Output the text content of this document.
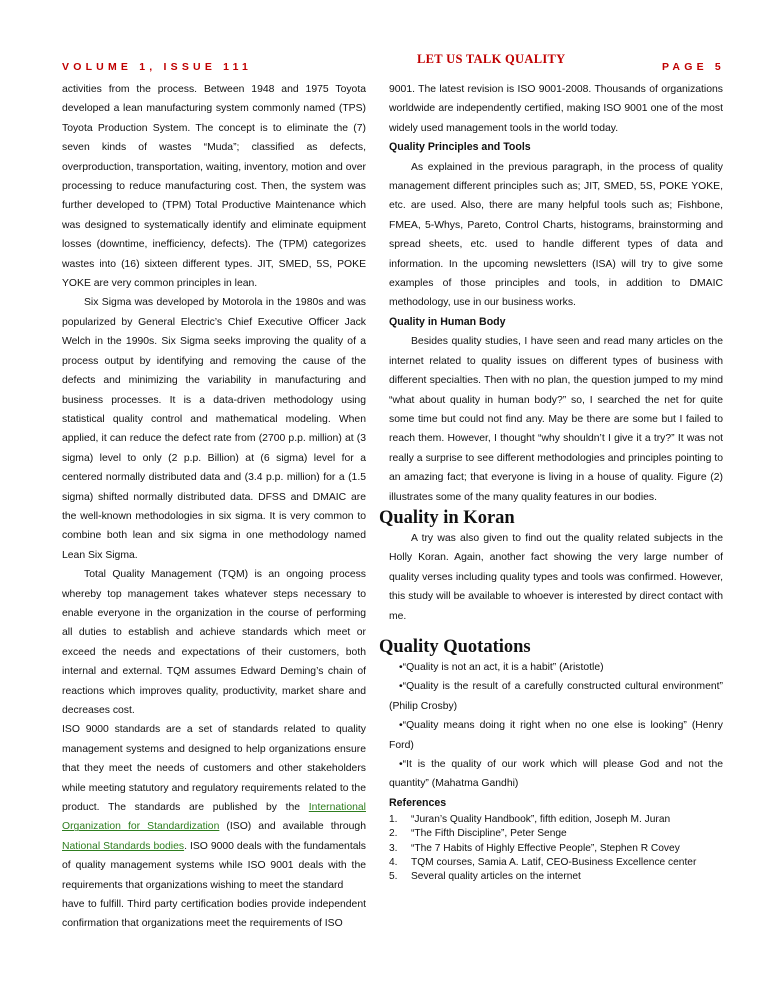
VOLUME 1, ISSUE 111
LET US TALK QUALITY
PAGE 5

activities from the process. Between 1948 and 1975 Toyota developed a lean manufacturing system commonly named (TPS) Toyota Production System. The concept is to eliminate the (7) seven kinds of wastes “Muda”; classified as defects, overproduction, transportation, waiting, inventory, motion and over processing to reduce manufacturing cost. Then, the system was further developed to (TPM) Total Productive Maintenance which was designed to systematically identify and eliminate equipment losses (downtime, inefficiency, defects). The (TPM) categorizes wastes into (16) sixteen different types. JIT, SMED, 5S, POKE YOKE are very common principles in lean.

Six Sigma was developed by Motorola in the 1980s and was popularized by General Electric’s Chief Executive Officer Jack Welch in the 1990s. Six Sigma seeks improving the quality of a process output by identifying and removing the cause of the defects and minimizing the variability in manufacturing and business processes. It is a data-driven methodology using statistical quality control and mathematical modeling. When applied, it can reduce the defect rate from (2700 p.p. million) at (3 sigma) level to only (2 p.p. Billion) at (6 sigma) level for a centered normally distributed data and (3.4 p.p. million) for a (1.5 sigma) shifted normally distributed data. DFSS and DMAIC are the well-known methodologies in six sigma. It is very common to combine both lean and six sigma in one methodology named Lean Six Sigma.

Total Quality Management (TQM) is an ongoing process whereby top management takes whatever steps necessary to enable everyone in the organization in the course of performing all duties to establish and achieve standards which meet or exceed the needs and expectations of their customers, both internal and external. TQM assumes Edward Deming’s chain of reactions which improves quality, productivity, market share and decreases cost.

ISO 9000 standards are a set of standards related to quality management systems and designed to help organizations ensure that they meet the needs of customers and other stakeholders while meeting statutory and regulatory requirements related to the product. The standards are published by the International Organization for Standardization (ISO) and available through National Standards bodies. ISO 9000 deals with the fundamentals of quality management systems while ISO 9001 deals with the requirements that organizations wishing to meet the standard

have to fulfill. Third party certification bodies provide independent confirmation that organizations meet the requirements of ISO

9001. The latest revision is ISO 9001-2008. Thousands of organizations worldwide are independently certified, making ISO 9001 one of the most widely used management tools in the world today.

Quality Principles and Tools

As explained in the previous paragraph, in the process of quality management different principles such as; JIT, SMED, 5S, POKE YOKE, etc. are used. Also, there are many helpful tools such as; Fishbone, FMEA, 5-Whys, Pareto, Control Charts, histograms, brainstorming and spread sheets, etc. used to handle different types of data and information. In the upcoming newsletters (ISA) will try to give some examples of those principles and tools, in addition to DMAIC methodology, use in our business works.

Quality in Human Body

Besides quality studies, I have seen and read many articles on the internet related to quality issues on different types of business with different specialties. Then with no plan, the question jumped to my mind “what about quality in human body?” so, I searched the net for quite some time but could not find any. May be there are some but I failed to reach them. However, I thought “why shouldn’t I give it a try?” It was not really a surprise to see different methodologies and principles pointing to an amazing fact; that everyone is living in a house of quality. Figure (2) illustrates some of the many quality features in our bodies.

Quality in Koran

A try was also given to find out the quality related subjects in the Holly Koran. Again, another fact showing the very large number of quality verses including quality types and tools was confirmed. However, this study will be available to whoever is interested by direct contact with me.

Quality Quotations

•“Quality is not an act, it is a habit” (Aristotle)

•“Quality is the result of a carefully constructed cultural environment” (Philip Crosby)

•“Quality means doing it right when no one else is looking” (Henry Ford)

•“It is the quality of our work which will please God and not the quantity” (Mahatma Gandhi)

References
1.	“Juran’s Quality Handbook”, fifth edition, Joseph M. Juran
2.	“The Fifth Discipline”, Peter Senge
3.	“The 7 Habits of Highly Effective People”, Stephen R Covey
4.	TQM courses, Samia A. Latif, CEO-Business Excellence center
5.	Several quality articles on the internet
